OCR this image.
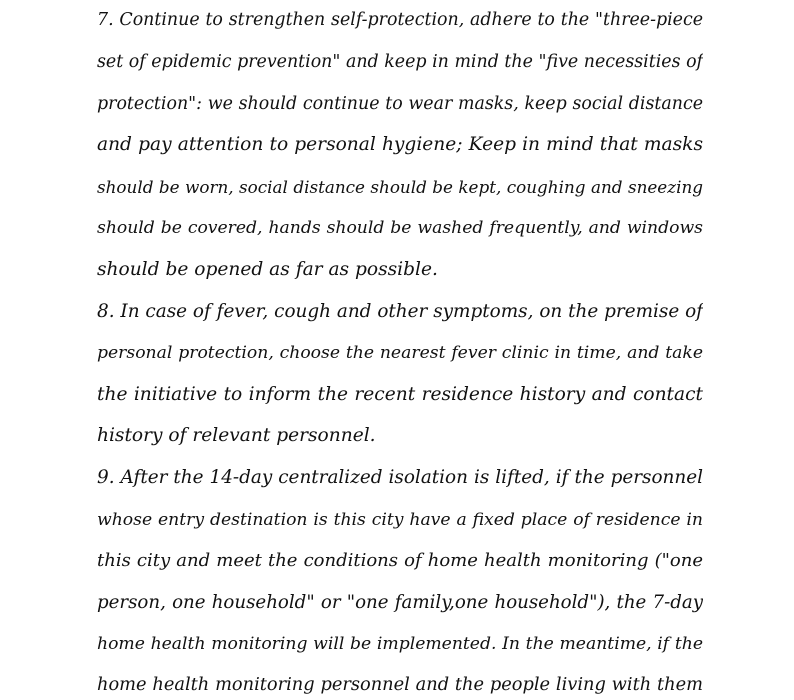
7. Continue to strengthen self-protection, adhere to the "three-piece
set of epidemic prevention" and keep in mind the "five necessities of
protection": we should continue to wear masks, keep social distance
and pay attention to personal hygiene; Keep in mind that masks
should be worn, social distance should be kept, coughing and sneezing
should be covered, hands should be washed frequently, and windows
should be opened as far as possible.
8. In case of fever, cough and other symptoms, on the premise of
personal protection, choose the nearest fever clinic in time, and take
the initiative to inform the recent residence history and contact
history of relevant personnel.
9. After the 14-day centralized isolation is lifted, if the personnel
whose entry destination is this city have a fixed place of residence in
this city and meet the conditions of home health monitoring ("one
person, one household" or "one family,one household"), the 7-day
home health monitoring will be implemented. In the meantime, if the
home health monitoring personnel and the people living with them
